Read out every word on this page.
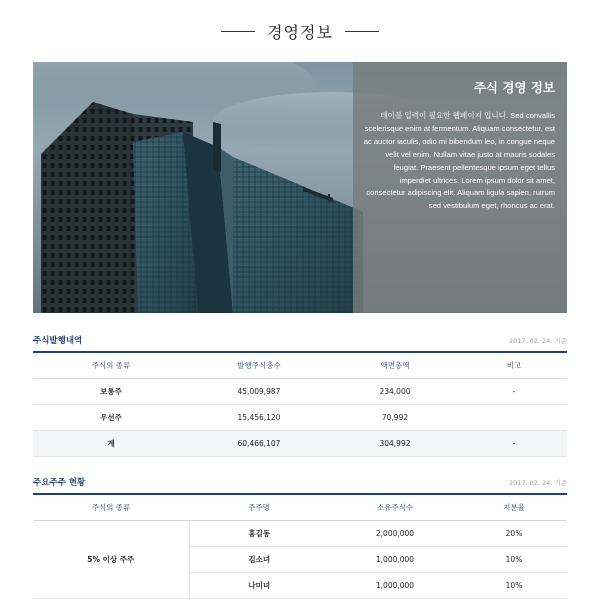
경영정보
주식 경영 정보
테이블 입력이 필요한 웹페이지 입니다. Sed convallis scelerisque enim at fermentum. Aliquam consectetur, est ac auctor iaculis, odio mi bibendum leo, in congue neque velit vel enim. Nullam vitae justo at mauris sodales feugiat. Praesent pellentesque ipsum eget tellus imperdiet ultrices. Lorem ipsum dolor sit amet, consectetur adipiscing elit. Aliquam ligula sapien, rutrum sed vestibulum eget, rhoncus ac erat.
주식발행내역	2017. 02. 24. 기준
주식의 종류	발행주식총수	액면총액	비고
보통주	45,009,987	234,000	-
우선주	15,456,120	70,992	
계	60,466,107	304,992	-
주요주주 현황	2017. 02. 24. 기준
주식의 종류	주주명	소유주식수	지분율
5% 이상 주주	홍길동	2,000,000	20%
	김소녀	1,000,000	10%
	나미녀	1,000,000	10%
